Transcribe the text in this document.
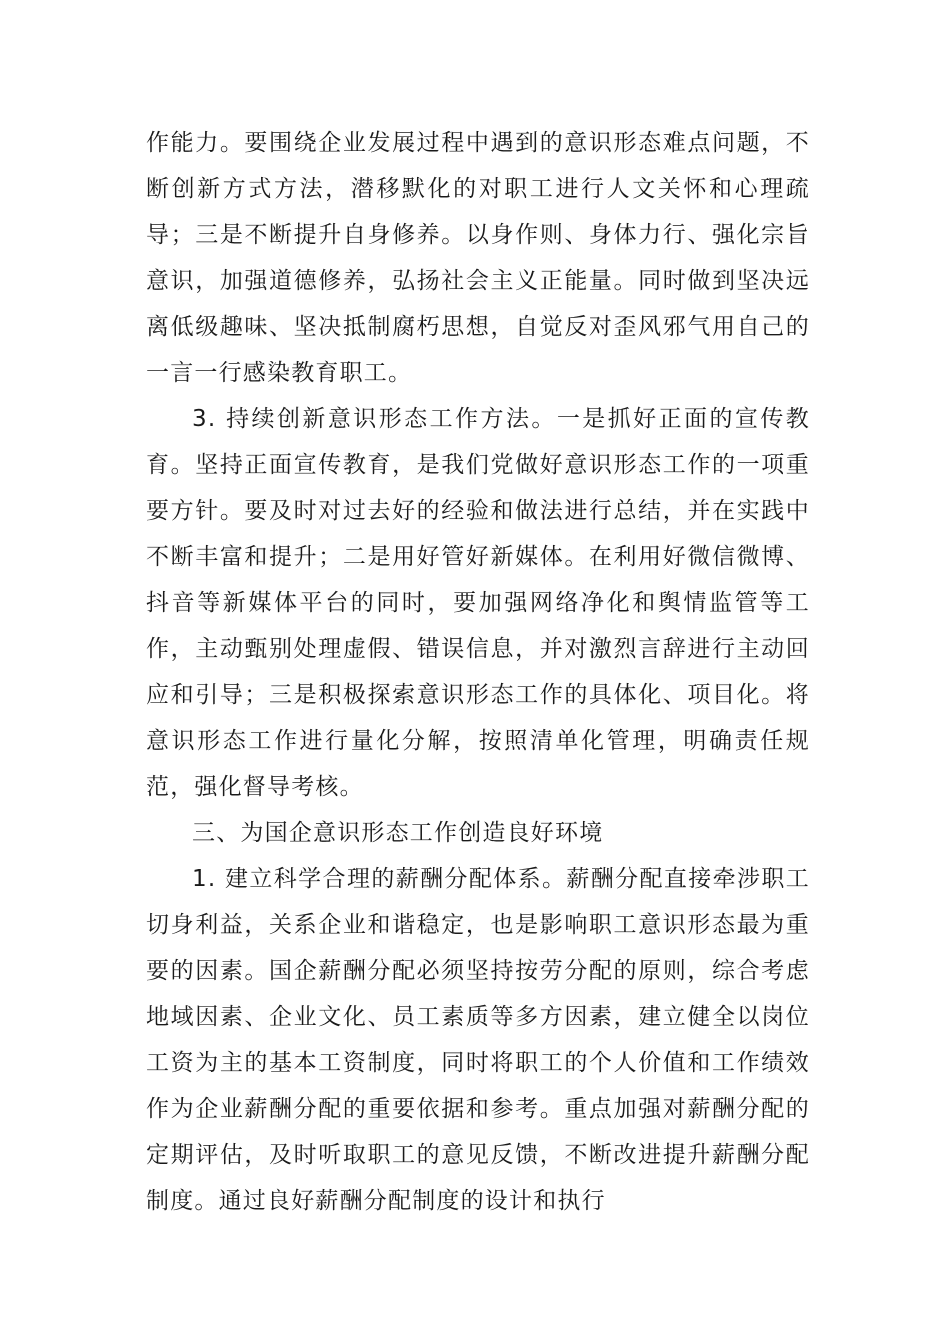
作能力。要围绕企业发展过程中遇到的意识形态难点问题，不断创新方式方法，潜移默化的对职工进行人文关怀和心理疏导；三是不断提升自身修养。以身作则、身体力行、强化宗旨意识，加强道德修养，弘扬社会主义正能量。同时做到坚决远离低级趣味、坚决抵制腐朽思想，自觉反对歪风邪气用自己的一言一行感染教育职工。

3. 持续创新意识形态工作方法。一是抓好正面的宣传教育。坚持正面宣传教育，是我们党做好意识形态工作的一项重要方针。要及时对过去好的经验和做法进行总结，并在实践中不断丰富和提升；二是用好管好新媒体。在利用好微信微博、抖音等新媒体平台的同时，要加强网络净化和舆情监管等工作，主动甄别处理虚假、错误信息，并对激烈言辞进行主动回应和引导；三是积极探索意识形态工作的具体化、项目化。将意识形态工作进行量化分解，按照清单化管理，明确责任规范，强化督导考核。

三、为国企意识形态工作创造良好环境

1. 建立科学合理的薪酬分配体系。薪酬分配直接牵涉职工切身利益，关系企业和谐稳定，也是影响职工意识形态最为重要的因素。国企薪酬分配必须坚持按劳分配的原则，综合考虑地域因素、企业文化、员工素质等多方因素，建立健全以岗位工资为主的基本工资制度，同时将职工的个人价值和工作绩效作为企业薪酬分配的重要依据和参考。重点加强对薪酬分配的定期评估，及时听取职工的意见反馈，不断改进提升薪酬分配制度。通过良好薪酬分配制度的设计和执行
